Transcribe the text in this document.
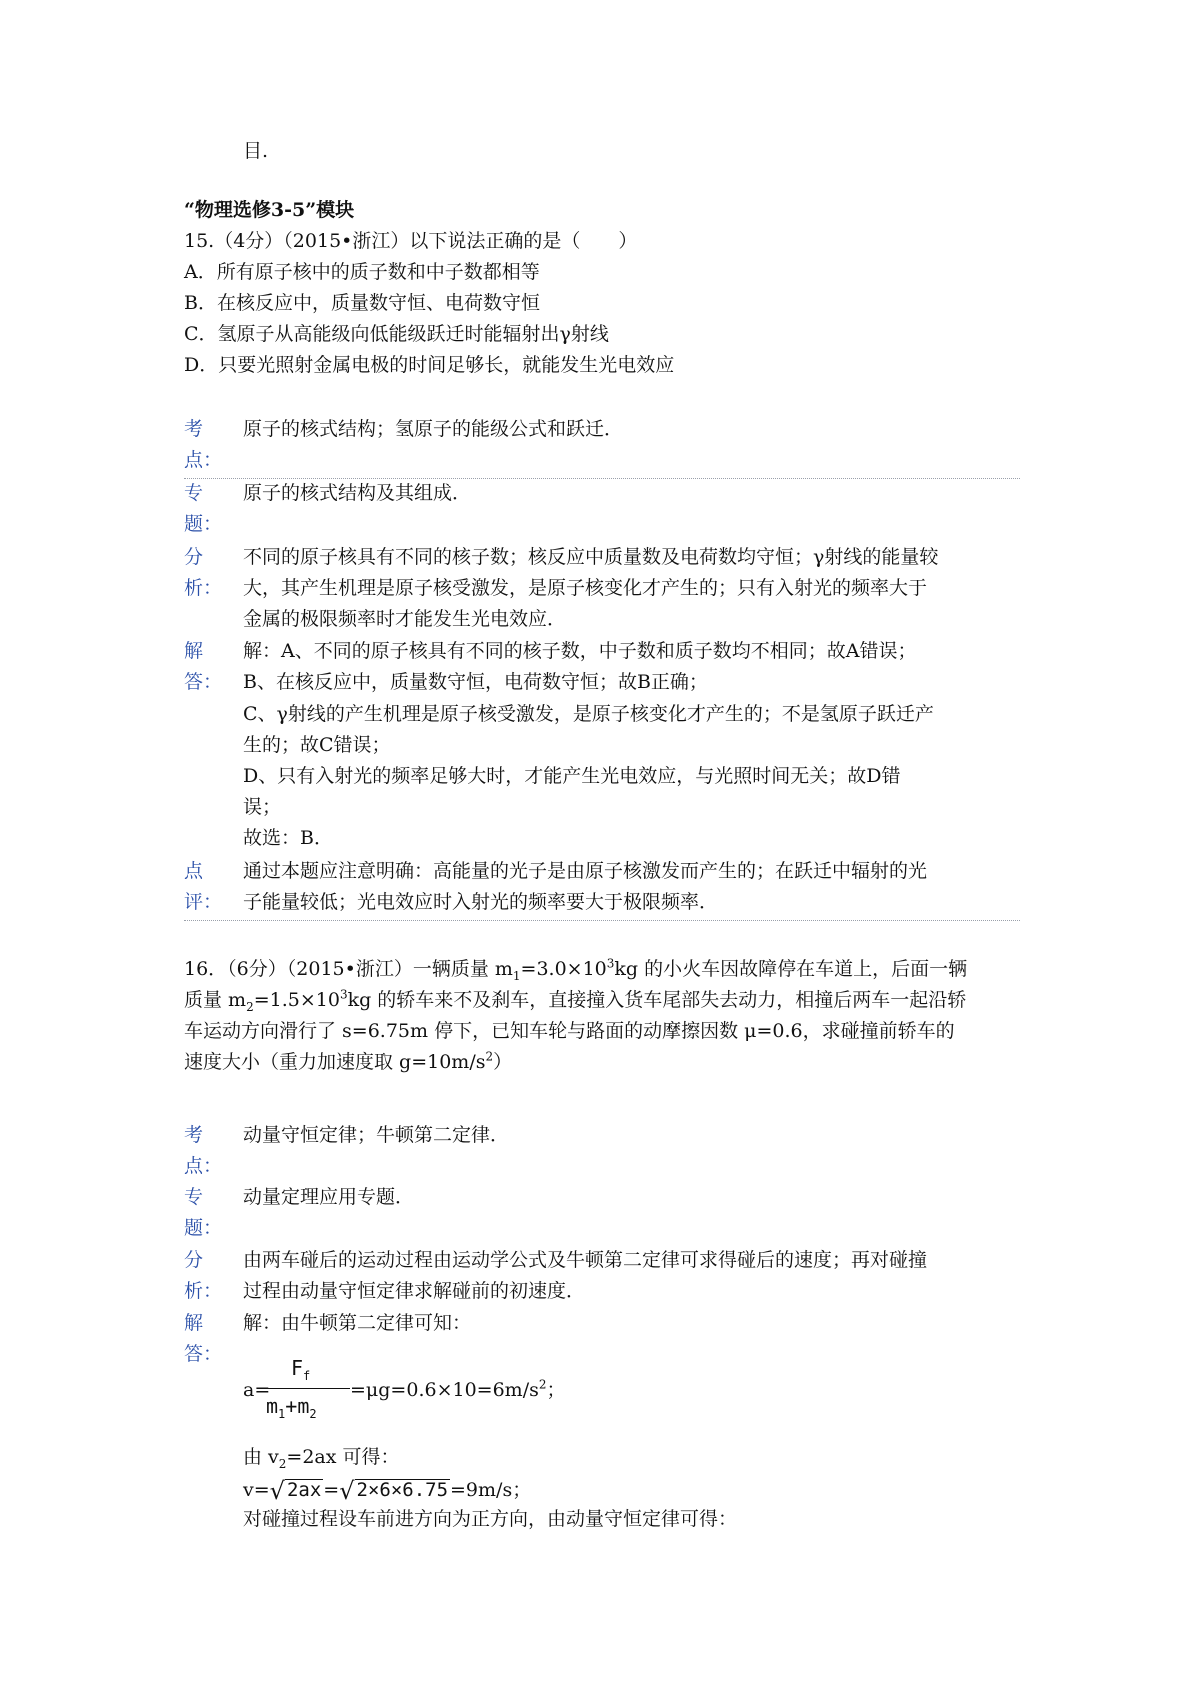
目.
“物理选修3-5”模块
15.（4分）（2015•浙江）以下说法正确的是（　　）
A．所有原子核中的质子数和中子数都相等
B．在核反应中，质量数守恒、电荷数守恒
C．氢原子从高能级向低能级跃迁时能辐射出γ射线
D．只要光照射金属电极的时间足够长，就能发生光电效应
考
点：
原子的核式结构；氢原子的能级公式和跃迁．
专
题：
原子的核式结构及其组成．
分
析：
不同的原子核具有不同的核子数；核反应中质量数及电荷数均守恒；γ射线的能量较
大，其产生机理是原子核受激发，是原子核变化才产生的；只有入射光的频率大于
金属的极限频率时才能发生光电效应．
解
答：
解：A、不同的原子核具有不同的核子数，中子数和质子数均不相同；故A错误；
B、在核反应中，质量数守恒，电荷数守恒；故B正确；
C、γ射线的产生机理是原子核受激发，是原子核变化才产生的；不是氢原子跃迁产
生的；故C错误；
D、只有入射光的频率足够大时，才能产生光电效应，与光照时间无关；故D错
误；
故选：B．
点
评：
通过本题应注意明确：高能量的光子是由原子核激发而产生的；在跃迁中辐射的光
子能量较低；光电效应时入射光的频率要大于极限频率．
16．（6分）（2015•浙江）一辆质量 $m_1=3.0\times 10^3kg$ 的小火车因故障停在车道上，后面一辆
质量 $m_2=1.5\times 10^3kg$ 的轿车来不及刹车，直接撞入货车尾部失去动力，相撞后两车一起沿轿
车运动方向滑行了 s=6.75m 停下，已知车轮与路面的动摩擦因数 μ=0.6，求碰撞前轿车的
速度大小（重力加速度取 $g=10m/s^2$）
考
点：
动量守恒定律；牛顿第二定律．
专
题：
动量定理应用专题．
分
析：
由两车碰后的运动过程由运动学公式及牛顿第二定律可求得碰后的速度；再对碰撞
过程由动量守恒定律求解碰前的初速度．
解
答：
解：由牛顿第二定律可知：
a=
$F_f$
$m_1+m_2$
$=\mu g=0.6\times 10=6m/s^2$；
由 $v_2=2ax$ 可得：
v=√ 2ax =√ 2×6×6.75 =9m/s；
对碰撞过程设车前进方向为正方向，由动量守恒定律可得：
